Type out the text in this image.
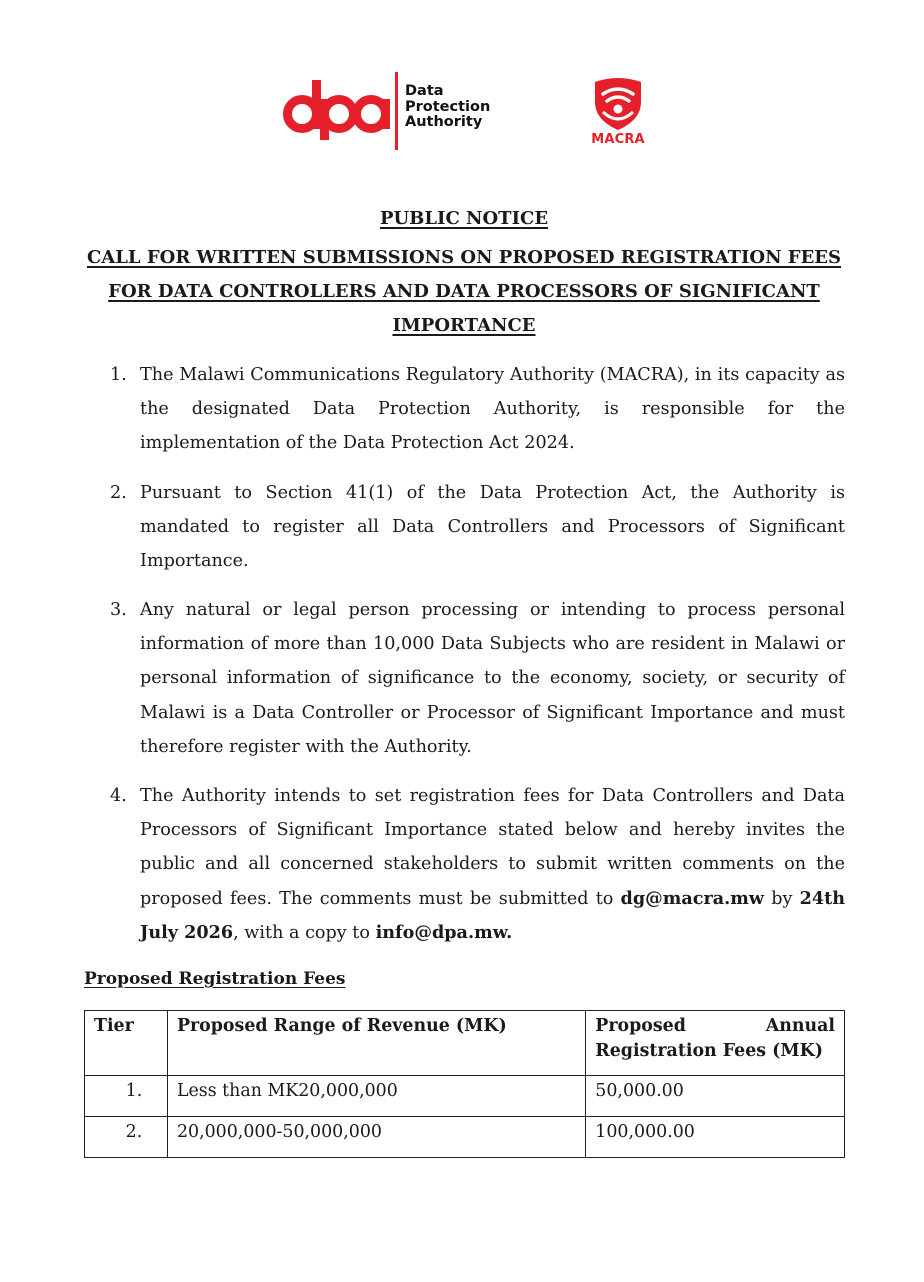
Data
Protection
Authority
MACRA
PUBLIC NOTICE
CALL FOR WRITTEN SUBMISSIONS ON PROPOSED REGISTRATION FEES
FOR DATA CONTROLLERS AND DATA PROCESSORS OF SIGNIFICANT
IMPORTANCE
1. The Malawi Communications Regulatory Authority (MACRA), in its capacity as the designated Data Protection Authority, is responsible for the implementation of the Data Protection Act 2024.
2. Pursuant to Section 41(1) of the Data Protection Act, the Authority is mandated to register all Data Controllers and Processors of Significant Importance.
3. Any natural or legal person processing or intending to process personal information of more than 10,000 Data Subjects who are resident in Malawi or personal information of significance to the economy, society, or security of Malawi is a Data Controller or Processor of Significant Importance and must therefore register with the Authority.
4. The Authority intends to set registration fees for Data Controllers and Data Processors of Significant Importance stated below and hereby invites the public and all concerned stakeholders to submit written comments on the proposed fees. The comments must be submitted to dg@macra.mw by 24th July 2026, with a copy to info@dpa.mw.
Proposed Registration Fees
Tier	Proposed Range of Revenue (MK)	Proposed Annual
Registration Fees (MK)

1.	Less than MK20,000,000	50,000.00
2.	20,000,000-50,000,000	100,000.00
